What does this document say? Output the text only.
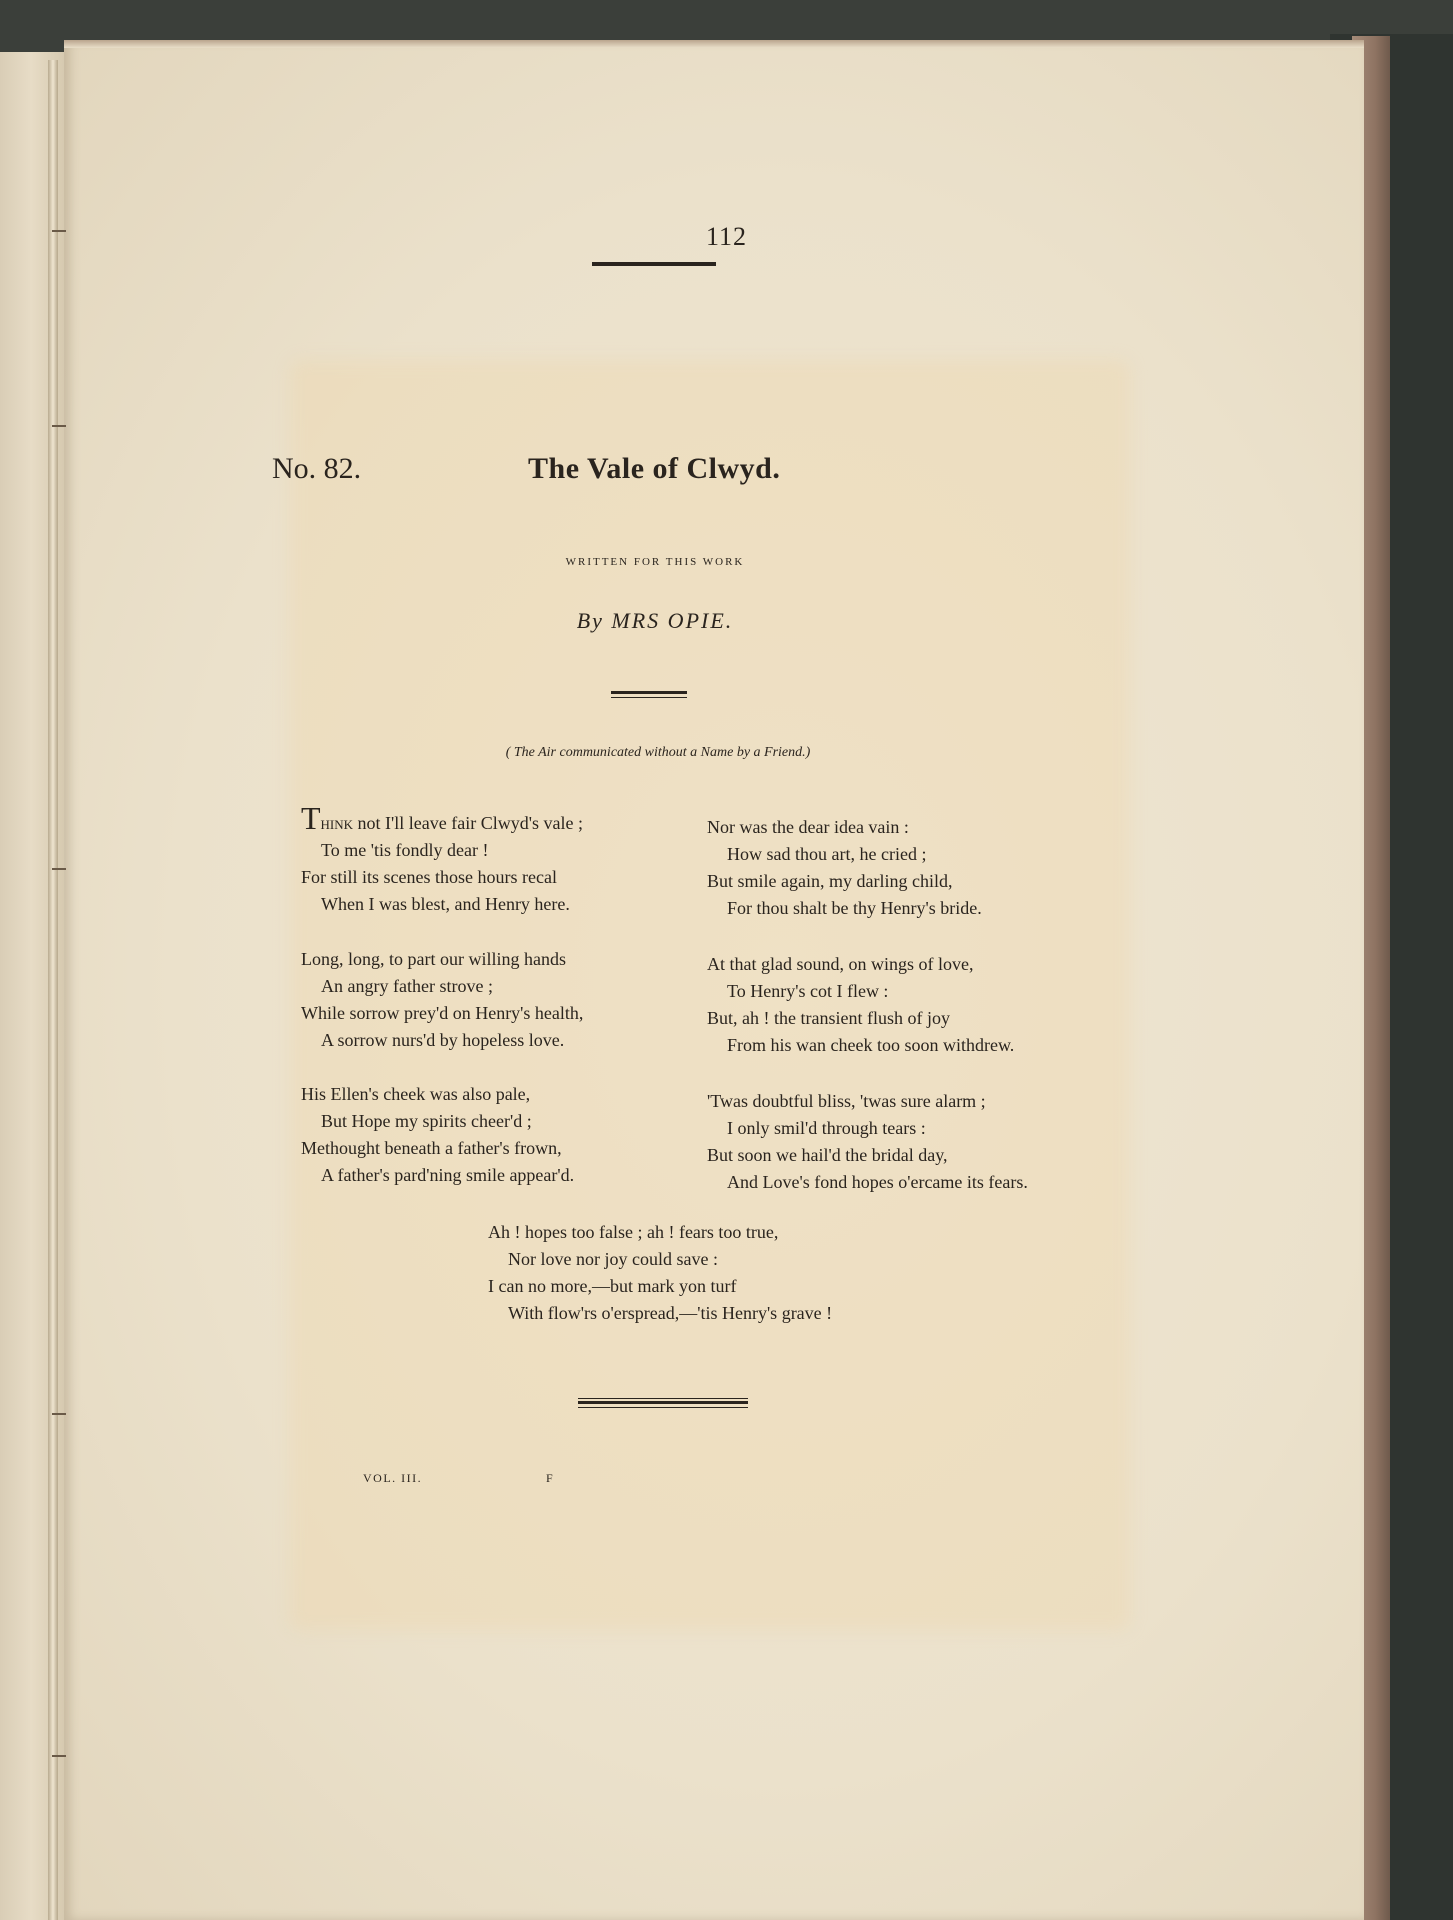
112
No. 82.	The Vale of Clwyd.
WRITTEN FOR THIS WORK
By MRS OPIE.
( The Air communicated without a Name by a Friend.)
Think not I'll leave fair Clwyd's vale ;
To me 'tis fondly dear !
For still its scenes those hours recal
When I was blest, and Henry here.
Long, long, to part our willing hands
An angry father strove ;
While sorrow prey'd on Henry's health,
A sorrow nurs'd by hopeless love.
His Ellen's cheek was also pale,
But Hope my spirits cheer'd ;
Methought beneath a father's frown,
A father's pard'ning smile appear'd.
Nor was the dear idea vain :
How sad thou art, he cried ;
But smile again, my darling child,
For thou shalt be thy Henry's bride.
At that glad sound, on wings of love,
To Henry's cot I flew :
But, ah ! the transient flush of joy
From his wan cheek too soon withdrew.
'Twas doubtful bliss, 'twas sure alarm ;
I only smil'd through tears :
But soon we hail'd the bridal day,
And Love's fond hopes o'ercame its fears.
Ah ! hopes too false ; ah ! fears too true,
Nor love nor joy could save :
I can no more,—but mark yon turf
With flow'rs o'erspread,—'tis Henry's grave !
VOL. III.	F
